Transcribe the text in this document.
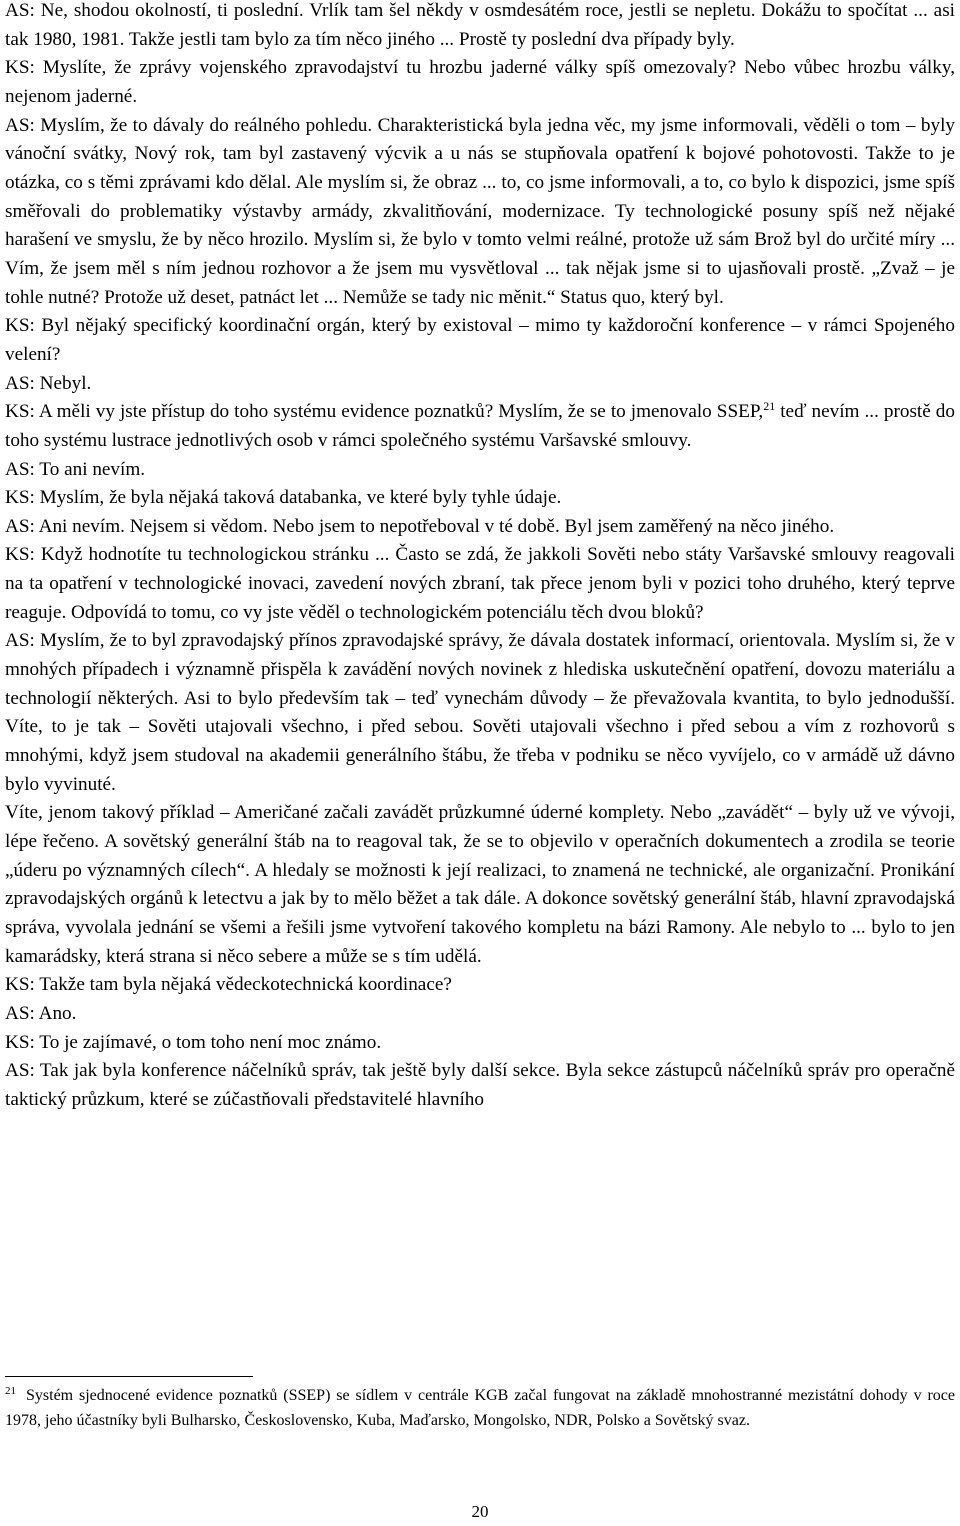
AS: Ne, shodou okolností, ti poslední. Vrlík tam šel někdy v osmdesátém roce, jestli se nepletu. Dokážu to spočítat ... asi tak 1980, 1981. Takže jestli tam bylo za tím něco jiného ... Prostě ty poslední dva případy byly.

KS: Myslíte, že zprávy vojenského zpravodajství tu hrozbu jaderné války spíš omezovaly? Nebo vůbec hrozbu války, nejenom jaderné.

AS: Myslím, že to dávaly do reálného pohledu. Charakteristická byla jedna věc, my jsme informovali, věděli o tom – byly vánoční svátky, Nový rok, tam byl zastavený výcvik a u nás se stupňovala opatření k bojové pohotovosti. Takže to je otázka, co s těmi zprávami kdo dělal. Ale myslím si, že obraz ... to, co jsme informovali, a to, co bylo k dispozici, jsme spíš směřovali do problematiky výstavby armády, zkvalitňování, modernizace. Ty technologické posuny spíš než nějaké harašení ve smyslu, že by něco hrozilo. Myslím si, že bylo v tomto velmi reálné, protože už sám Brož byl do určité míry ... Vím, že jsem měl s ním jednou rozhovor a že jsem mu vysvětloval ... tak nějak jsme si to ujasňovali prostě. „Zvaž – je tohle nutné? Protože už deset, patnáct let ... Nemůže se tady nic měnit.“ Status quo, který byl.

KS: Byl nějaký specifický koordinační orgán, který by existoval – mimo ty každoroční konference – v rámci Spojeného velení?

AS: Nebyl.

KS: A měli vy jste přístup do toho systému evidence poznatků? Myslím, že se to jmenovalo SSEP,$^{21}$ teď nevím ... prostě do toho systému lustrace jednotlivých osob v rámci společného systému Varšavské smlouvy.

AS: To ani nevím.

KS: Myslím, že byla nějaká taková databanka, ve které byly tyhle údaje.

AS: Ani nevím. Nejsem si vědom. Nebo jsem to nepotřeboval v té době. Byl jsem zaměřený na něco jiného.

KS: Když hodnotíte tu technologickou stránku ... Často se zdá, že jakkoli Sověti nebo státy Varšavské smlouvy reagovali na ta opatření v technologické inovaci, zavedení nových zbraní, tak přece jenom byli v pozici toho druhého, který teprve reaguje. Odpovídá to tomu, co vy jste věděl o technologickém potenciálu těch dvou bloků?

AS: Myslím, že to byl zpravodajský přínos zpravodajské správy, že dávala dostatek informací, orientovala. Myslím si, že v mnohých případech i významně přispěla k zavádění nových novinek z hlediska uskutečnění opatření, dovozu materiálu a technologií některých. Asi to bylo především tak – teď vynechám důvody – že převažovala kvantita, to bylo jednodušší. Víte, to je tak – Sověti utajovali všechno, i před sebou. Sověti utajovali všechno i před sebou a vím z rozhovorů s mnohými, když jsem studoval na akademii generálního štábu, že třeba v podniku se něco vyvíjelo, co v armádě už dávno bylo vyvinuté.

Víte, jenom takový příklad – Američané začali zavádět průzkumné úderné komplety. Nebo „zavádět“ – byly už ve vývoji, lépe řečeno. A sovětský generální štáb na to reagoval tak, že se to objevilo v operačních dokumentech a zrodila se teorie „úderu po významných cílech“. A hledaly se možnosti k její realizaci, to znamená ne technické, ale organizační. Pronikání zpravodajských orgánů k letectvu a jak by to mělo běžet a tak dále. A dokonce sovětský generální štáb, hlavní zpravodajská správa, vyvolala jednání se všemi a řešili jsme vytvoření takového kompletu na bázi Ramony. Ale nebylo to ... bylo to jen kamarádsky, která strana si něco sebere a může se s tím udělá.

KS: Takže tam byla nějaká vědeckotechnická koordinace?

AS: Ano.

KS: To je zajímavé, o tom toho není moc známo.

AS: Tak jak byla konference náčelníků správ, tak ještě byly další sekce. Byla sekce zástupců náčelníků správ pro operačně taktický průzkum, které se zúčastňovali představitelé hlavního

$^{21}$ Systém sjednocené evidence poznatků (SSEP) se sídlem v centrále KGB začal fungovat na základě mnohostranné mezistátní dohody v roce 1978, jeho účastníky byli Bulharsko, Československo, Kuba, Maďarsko, Mongolsko, NDR, Polsko a Sovětský svaz.

20
